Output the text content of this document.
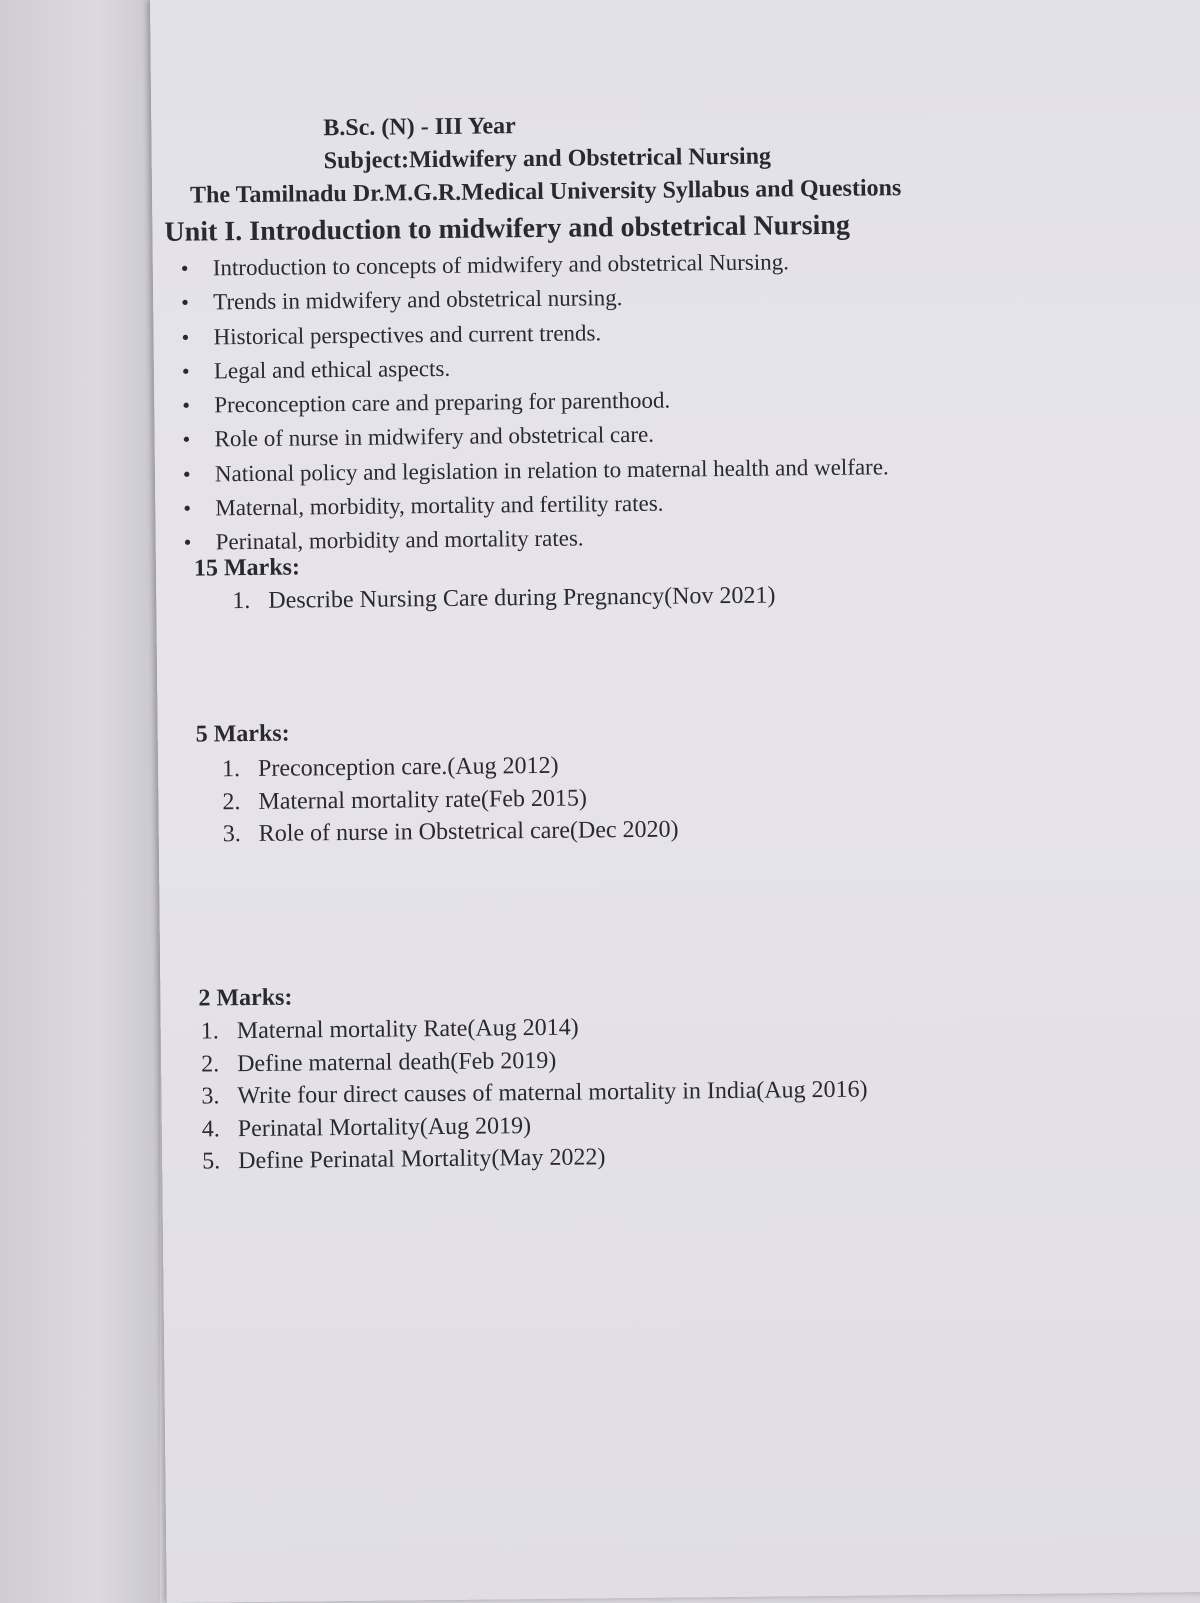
B.Sc. (N) - III Year
Subject:Midwifery and Obstetrical Nursing
The Tamilnadu Dr.M.G.R.Medical University Syllabus and Questions
Unit I. Introduction to midwifery and obstetrical Nursing
• Introduction to concepts of midwifery and obstetrical Nursing.
• Trends in midwifery and obstetrical nursing.
• Historical perspectives and current trends.
• Legal and ethical aspects.
• Preconception care and preparing for parenthood.
• Role of nurse in midwifery and obstetrical care.
• National policy and legislation in relation to maternal health and welfare.
• Maternal, morbidity, mortality and fertility rates.
• Perinatal, morbidity and mortality rates.
15 Marks:
1. Describe Nursing Care during Pregnancy(Nov 2021)
5 Marks:
1. Preconception care.(Aug 2012)
2. Maternal mortality rate(Feb 2015)
3. Role of nurse in Obstetrical care(Dec 2020)
2 Marks:
1. Maternal mortality Rate(Aug 2014)
2. Define maternal death(Feb 2019)
3. Write four direct causes of maternal mortality in India(Aug 2016)
4. Perinatal Mortality(Aug 2019)
5. Define Perinatal Mortality(May 2022)
